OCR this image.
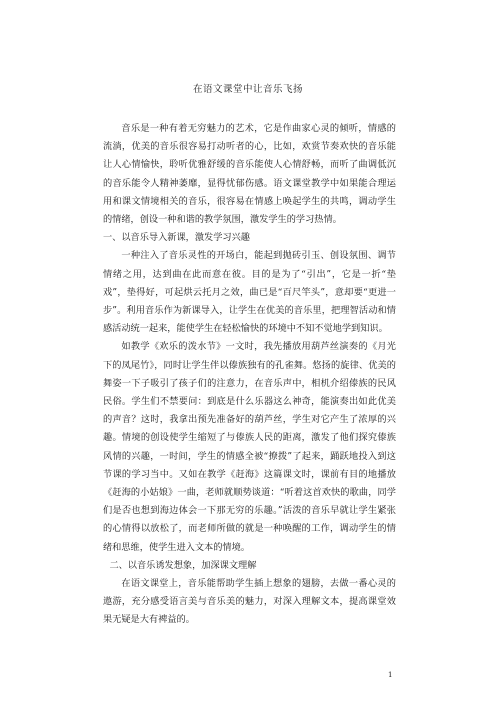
在语文课堂中让音乐飞扬

音乐是一种有着无穷魅力的艺术，它是作曲家心灵的倾听，情感的流淌，优美的音乐很容易打动听者的心，比如，欢赏节奏欢快的音乐能让人心情愉快，聆听优雅舒缓的音乐能使人心情舒畅，而听了曲调低沉的音乐能令人精神萎靡，显得忧郁伤感。语文课堂教学中如果能合理运用和课文情境相关的音乐，很容易在情感上唤起学生的共鸣，调动学生的情绪，创设一种和谐的教学氛围，激发学生的学习热情。

一、以音乐导入新课，激发学习兴趣

一种注入了音乐灵性的开场白，能起到抛砖引玉、创设氛围、调节情绪之用，达到曲在此而意在彼。目的是为了“引出”，它是一折“垫戏”，垫得好，可起烘云托月之效，曲已是“百尺竿头”，意却要“更进一步”。利用音乐作为新课导入，让学生在优美的音乐里，把理智活动和情感活动统一起来，能使学生在轻松愉快的环境中不知不觉地学到知识。

如教学《欢乐的泼水节》一文时，我先播放用葫芦丝演奏的《月光下的凤尾竹》，同时让学生伴以傣族独有的孔雀舞。悠扬的旋律、优美的舞姿一下子吸引了孩子们的注意力，在音乐声中，相机介绍傣族的民风民俗。学生们不禁要问：到底是什么乐器这么神奇，能演奏出如此优美的声音？这时，我拿出预先准备好的葫芦丝，学生对它产生了浓厚的兴趣。情境的创设使学生缩短了与傣族人民的距离，激发了他们探究傣族风情的兴趣，一时间，学生的情感全被“撩拨”了起来，踊跃地投入到这节课的学习当中。又如在教学《赶海》这篇课文时，课前有目的地播放《赶海的小姑娘》一曲，老师就顺势谈道：“听着这首欢快的歌曲，同学们是否也想到海边体会一下那无穷的乐趣。”活泼的音乐早就让学生紧张的心情得以放松了，而老师所做的就是一种唤醒的工作，调动学生的情绪和思维，使学生进入文本的情境。

二、以音乐诱发想象，加深课文理解

在语文课堂上，音乐能帮助学生插上想象的翅膀，去做一番心灵的遨游，充分感受语言美与音乐美的魅力，对深入理解文本，提高课堂效果无疑是大有裨益的。

1
